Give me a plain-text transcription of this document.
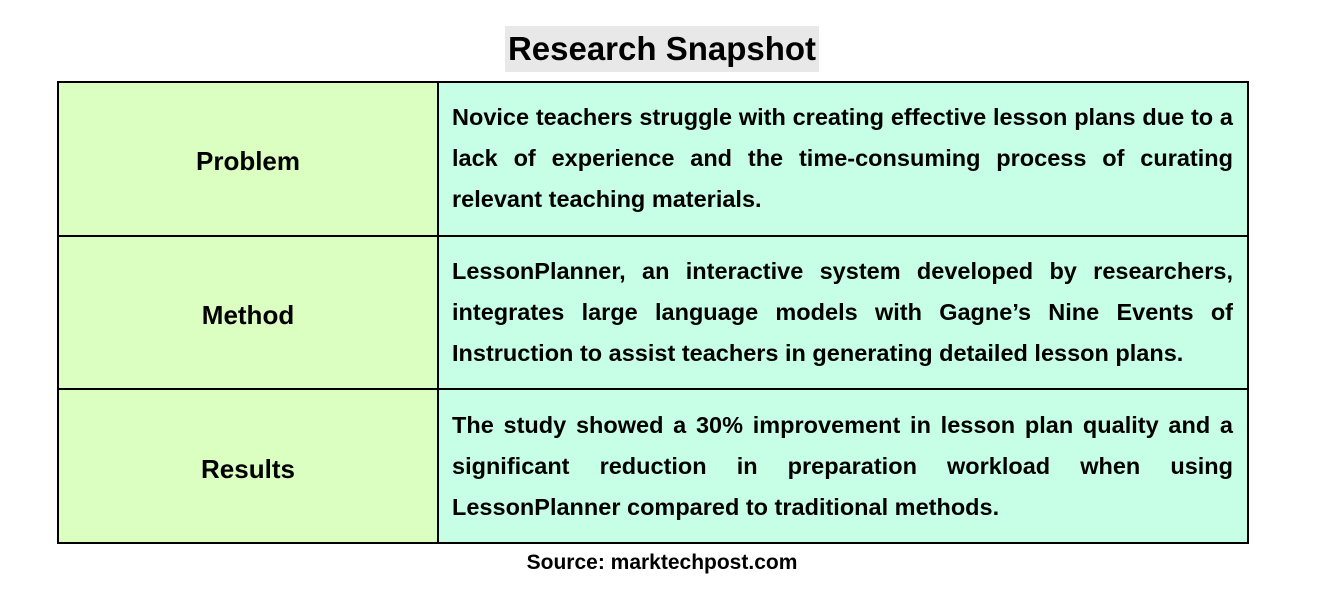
Research Snapshot
Problem	Novice teachers struggle with creating effective lesson plans due to a lack of experience and the time-consuming process of curating relevant teaching materials.
Method	LessonPlanner, an interactive system developed by researchers, integrates large language models with Gagne’s Nine Events of Instruction to assist teachers in generating detailed lesson plans.
Results	The study showed a 30% improvement in lesson plan quality and a significant reduction in preparation workload when using LessonPlanner compared to traditional methods.
Source: marktechpost.com
